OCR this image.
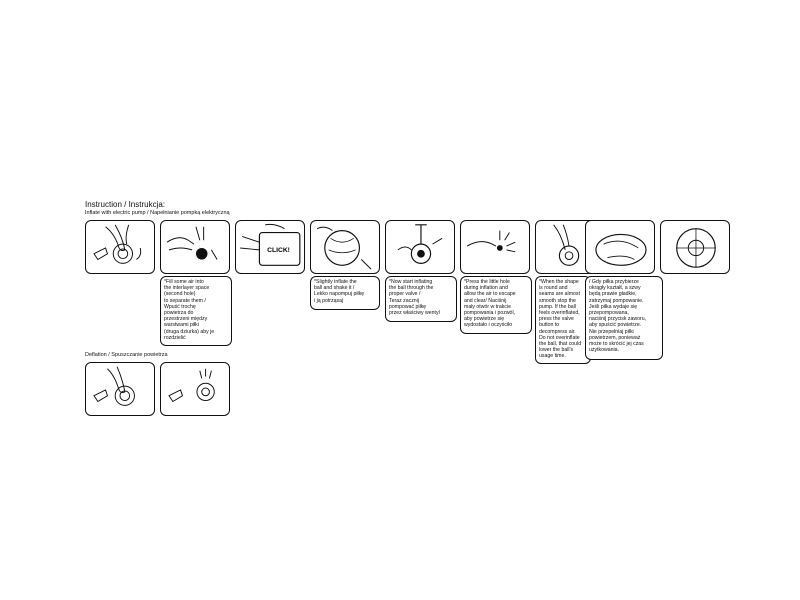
Instruction / Instrukcja:
Inflate with electric pump / Napełnianie pompką elektryczną
CLICK!
*Fill some air into
the interlayer space
(second hole)
to separate them /
Wpuść trochę
powietrza do
przestrzeni między
warstwami piłki
(druga dziurka) aby je
rozdzielić
*Slightly inflate the
ball and shake it /
Lekko napompuj piłkę
i ją potrząsaj
*Now start inflating
the ball through the
proper valve /
Teraz zacznij
pompować piłkę
przez właściwy wentyl
*Press the little hole
during inflation and
allow the air to escape
and clear/ Naciśnij
mały otwór w trakcie
pompowania i pozwól,
aby powietrze się
wydostało i oczyściło
*When the shape
is round and
seams are almost
smooth stop the
pump. If the ball
feels overinflated,
press the valve
button to
decompress air.
Do not overinflate
the ball, that could
lower the ball's
usage time.
/ Gdy piłka przybierze
okrągły kształt, a szwy
będą prawie gładkie,
zatrzymaj pompowanie.
Jeśli piłka wydaje się
przepompowana,
naciśnij przycisk zaworu,
aby spuścić powietrze.
Nie przepełniaj piłki
powietrzem, ponieważ
może to skrócić jej czas
użytkowania.
Deflation / Spuszczanie powietrza
